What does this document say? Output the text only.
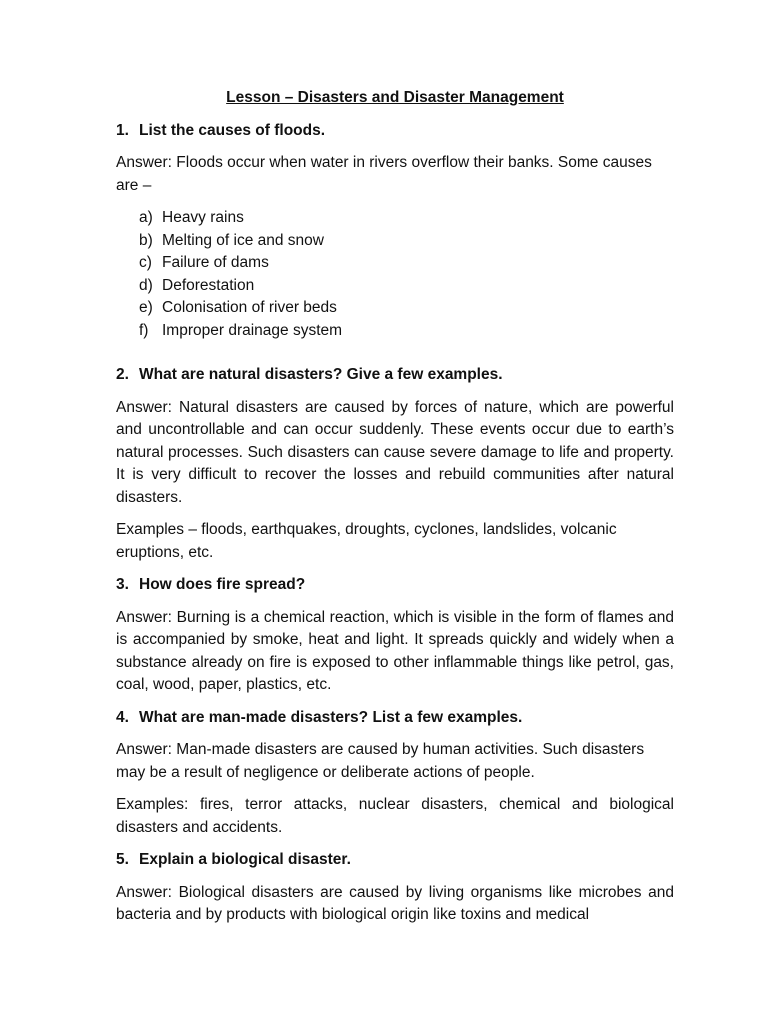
Lesson – Disasters and Disaster Management
1. List the causes of floods.
Answer: Floods occur when water in rivers overflow their banks. Some causes are –
a) Heavy rains
b) Melting of ice and snow
c) Failure of dams
d) Deforestation
e) Colonisation of river beds
f) Improper drainage system
2. What are natural disasters? Give a few examples.
Answer: Natural disasters are caused by forces of nature, which are powerful and uncontrollable and can occur suddenly. These events occur due to earth’s natural processes. Such disasters can cause severe damage to life and property. It is very difficult to recover the losses and rebuild communities after natural disasters.
Examples – floods, earthquakes, droughts, cyclones, landslides, volcanic eruptions, etc.
3. How does fire spread?
Answer: Burning is a chemical reaction, which is visible in the form of flames and is accompanied by smoke, heat and light. It spreads quickly and widely when a substance already on fire is exposed to other inflammable things like petrol, gas, coal, wood, paper, plastics, etc.
4. What are man-made disasters? List a few examples.
Answer: Man-made disasters are caused by human activities. Such disasters may be a result of negligence or deliberate actions of people.
Examples: fires, terror attacks, nuclear disasters, chemical and biological disasters and accidents.
5. Explain a biological disaster.
Answer: Biological disasters are caused by living organisms like microbes and bacteria and by products with biological origin like toxins and medical
